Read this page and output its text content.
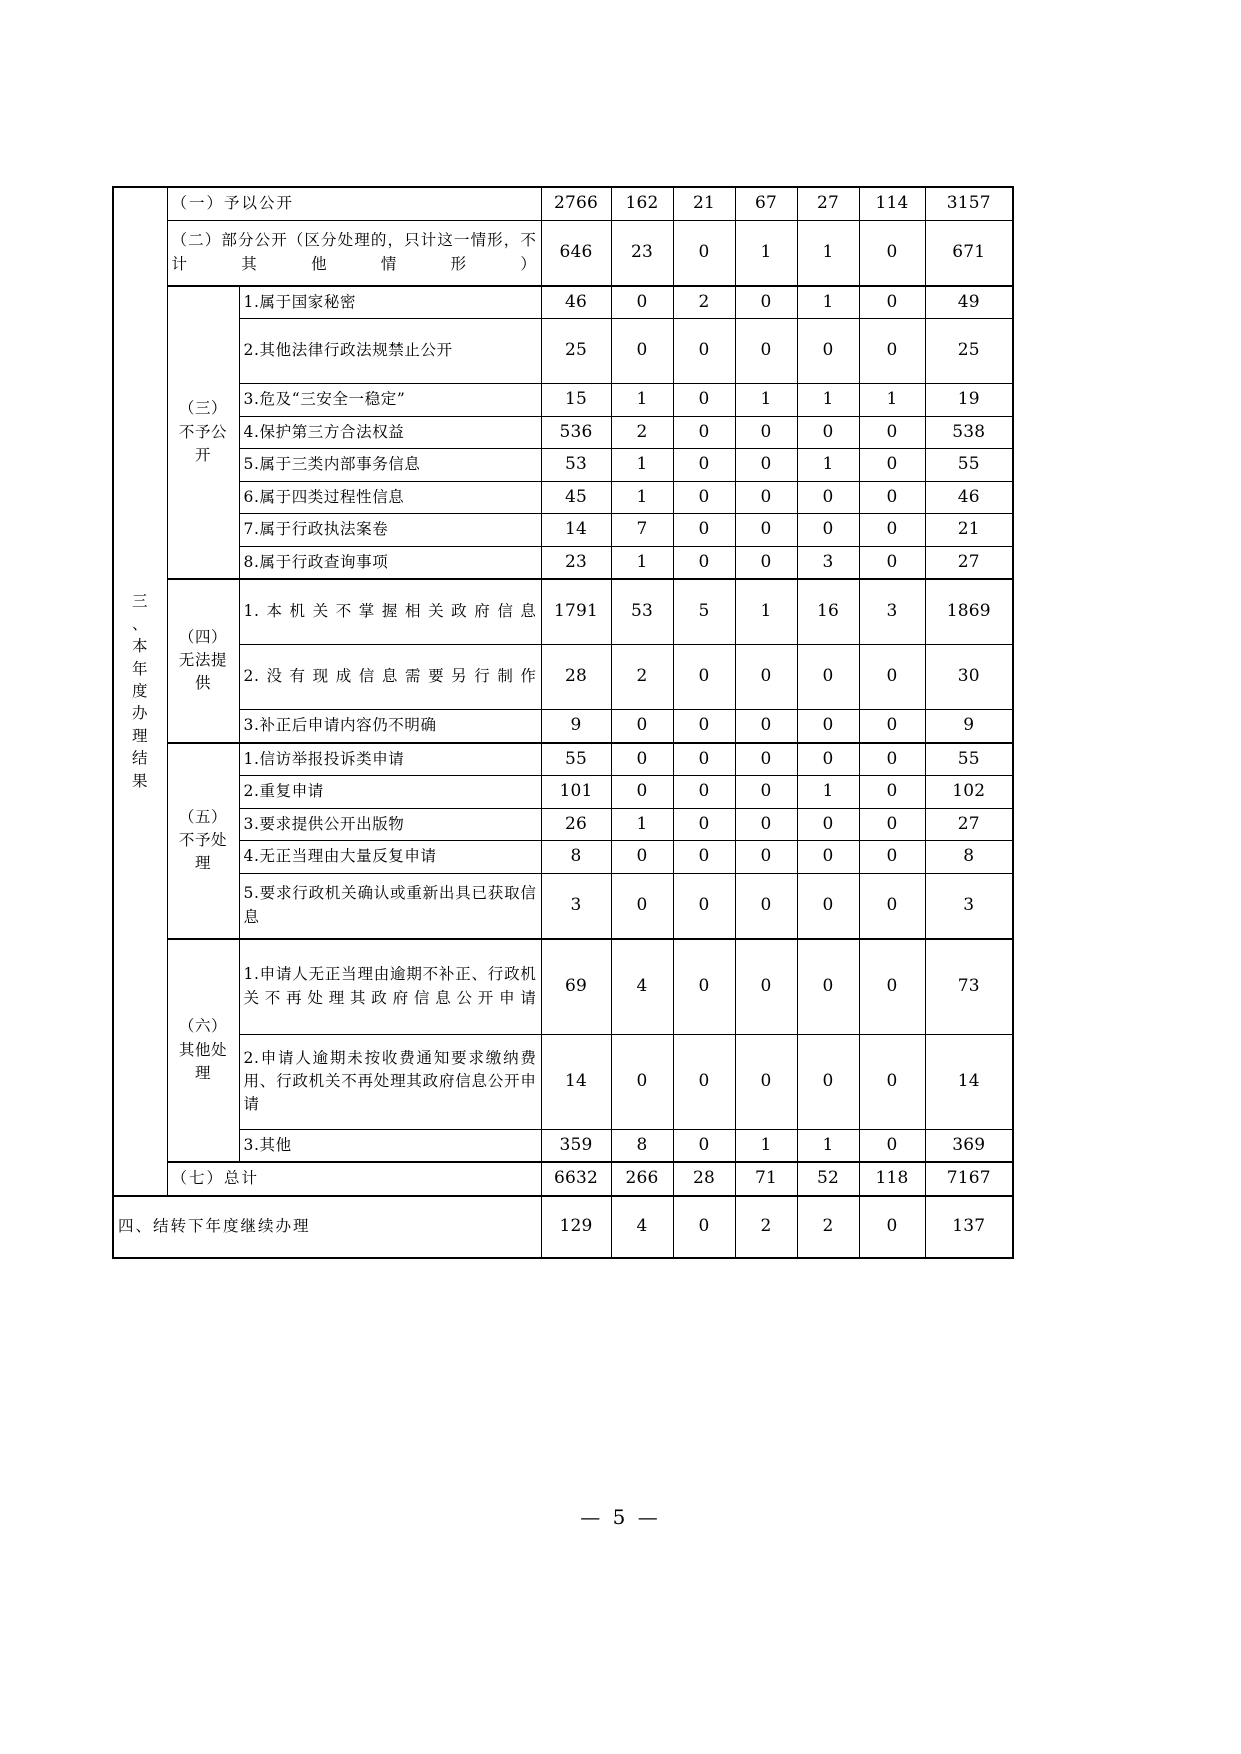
三
、
本
年
度
办
理
结
果
	（一）予以公开	2766	162	21	67	27	114	3157
	（二）部分公开（区分处理的，只计这一情形，不计其他情形）		646	23	0	1	1	0	671
	（三）不予公开	1.属于国家秘密	46	0	2	0	1	0	49
		2.其他法律行政法规禁止公开	25	0	0	0	0	0	25
		3.危及“三安全一稳定”	15	1	0	1	1	1	19
		4.保护第三方合法权益	536	2	0	0	0	0	538
		5.属于三类内部事务信息	53	1	0	0	1	0	55
		6.属于四类过程性信息	45	1	0	0	0	0	46
		7.属于行政执法案卷	14	7	0	0	0	0	21
		8.属于行政查询事项	23	1	0	0	3	0	27
	（四）无法提供	1.本机关不掌握相关政府信息	1791	53	5	1	16	3	1869
		2.没有现成信息需要另行制作	28	2	0	0	0	0	30
		3.补正后申请内容仍不明确	9	0	0	0	0	0	9
	（五）不予处理	1.信访举报投诉类申请	55	0	0	0	0	0	55
		2.重复申请	101	0	0	0	1	0	102
		3.要求提供公开出版物	26	1	0	0	0	0	27
		4.无正当理由大量反复申请	8	0	0	0	0	0	8
		5.要求行政机关确认或重新出具已获取信息	3	0	0	0	0	0	3
	（六）其他处理	1.申请人无正当理由逾期不补正、行政机关不再处理其政府信息公开申请	69	4	0	0	0	0	73
		2.申请人逾期未按收费通知要求缴纳费用、行政机关不再处理其政府信息公开申请	14	0	0	0	0	0	14
		3.其他	359	8	0	1	1	0	369
	（七）总计		6632	266	28	71	52	118	7167
四、结转下年度继续办理			129	4	0	2	2	0	137
— 5 —
